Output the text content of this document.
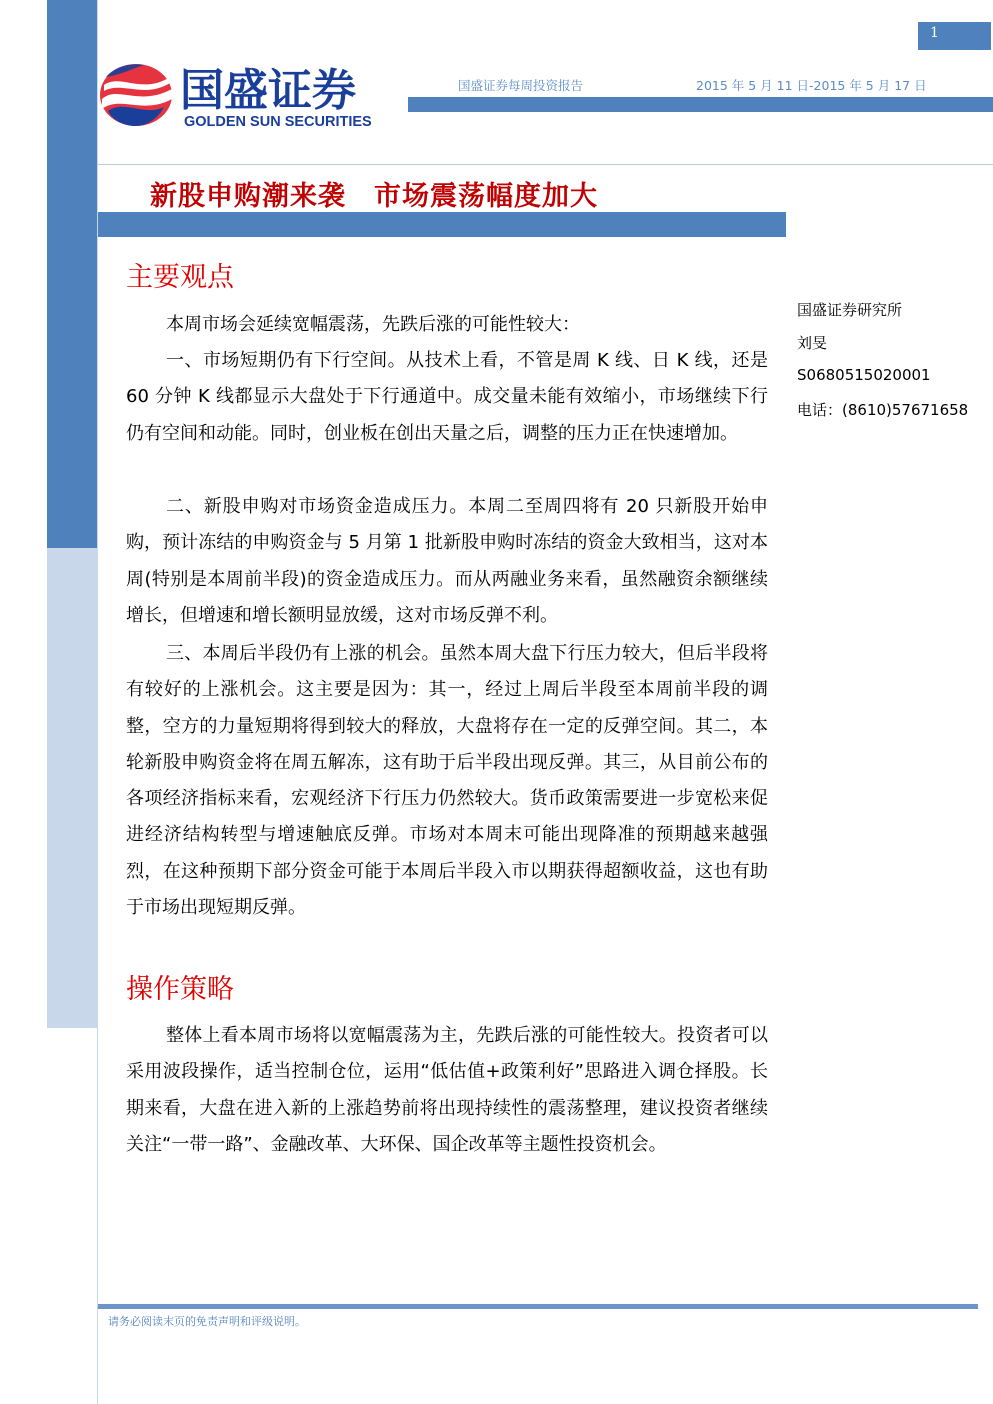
1
国盛证券
GOLDEN SUN SECURITIES
国盛证券每周投资报告	2015 年 5 月 11 日-2015 年 5 月 17 日
新股申购潮来袭　市场震荡幅度加大
主要观点

本周市场会延续宽幅震荡，先跌后涨的可能性较大：

一、市场短期仍有下行空间。从技术上看，不管是周 K 线、日 K 线，还是 60 分钟 K 线都显示大盘处于下行通道中。成交量未能有效缩小，市场继续下行仍有空间和动能。同时，创业板在创出天量之后，调整的压力正在快速增加。

二、新股申购对市场资金造成压力。本周二至周四将有 20 只新股开始申购，预计冻结的申购资金与 5 月第 1 批新股申购时冻结的资金大致相当，这对本周(特别是本周前半段)的资金造成压力。而从两融业务来看，虽然融资余额继续增长，但增速和增长额明显放缓，这对市场反弹不利。

三、本周后半段仍有上涨的机会。虽然本周大盘下行压力较大，但后半段将有较好的上涨机会。这主要是因为：其一，经过上周后半段至本周前半段的调整，空方的力量短期将得到较大的释放，大盘将存在一定的反弹空间。其二，本轮新股申购资金将在周五解冻，这有助于后半段出现反弹。其三，从目前公布的各项经济指标来看，宏观经济下行压力仍然较大。货币政策需要进一步宽松来促进经济结构转型与增速触底反弹。市场对本周末可能出现降准的预期越来越强烈，在这种预期下部分资金可能于本周后半段入市以期获得超额收益，这也有助于市场出现短期反弹。

操作策略

整体上看本周市场将以宽幅震荡为主，先跌后涨的可能性较大。投资者可以采用波段操作，适当控制仓位，运用“低估值+政策利好”思路进入调仓择股。长期来看，大盘在进入新的上涨趋势前将出现持续性的震荡整理，建议投资者继续关注“一带一路”、金融改革、大环保、国企改革等主题性投资机会。

国盛证券研究所
刘旻
S0680515020001
电话：(8610)57671658
请务必阅读末页的免责声明和评级说明。
